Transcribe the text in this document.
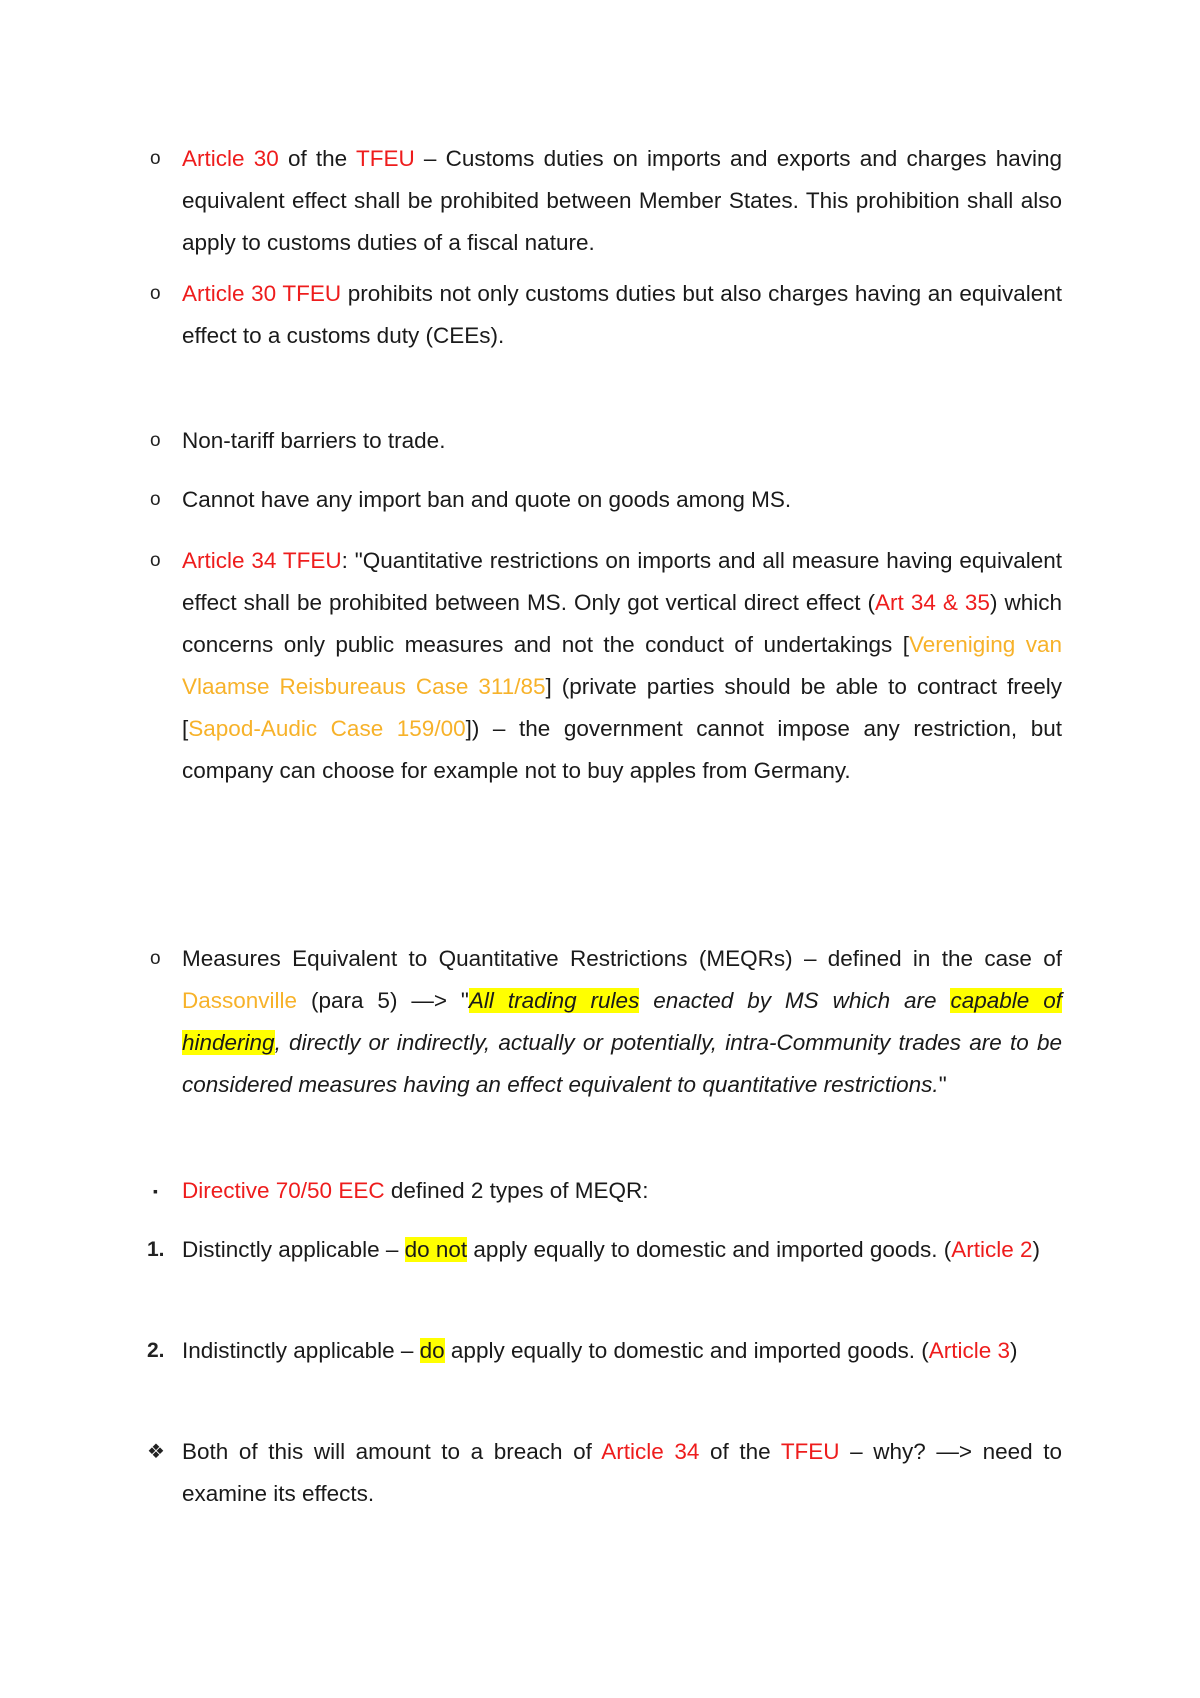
o Article 30 of the TFEU – Customs duties on imports and exports and charges having equivalent effect shall be prohibited between Member States. This prohibition shall also apply to customs duties of a fiscal nature.
o Article 30 TFEU prohibits not only customs duties but also charges having an equivalent effect to a customs duty (CEEs).
o Non-tariff barriers to trade.
o Cannot have any import ban and quote on goods among MS.
o Article 34 TFEU: "Quantitative restrictions on imports and all measure having equivalent effect shall be prohibited between MS. Only got vertical direct effect (Art 34 & 35) which concerns only public measures and not the conduct of undertakings [Vereniging van Vlaamse Reisbureaus Case 311/85] (private parties should be able to contract freely [Sapod-Audic Case 159/00]) – the government cannot impose any restriction, but company can choose for example not to buy apples from Germany.
o Measures Equivalent to Quantitative Restrictions (MEQRs) – defined in the case of Dassonville (para 5) —> "All trading rules enacted by MS which are capable of hindering, directly or indirectly, actually or potentially, intra-Community trades are to be considered measures having an effect equivalent to quantitative restrictions."
▪	Directive 70/50 EEC defined 2 types of MEQR:
1. Distinctly applicable – do not apply equally to domestic and imported goods. (Article 2)
2. Indistinctly applicable – do apply equally to domestic and imported goods. (Article 3)
❖ Both of this will amount to a breach of Article 34 of the TFEU – why? —> need to examine its effects.
